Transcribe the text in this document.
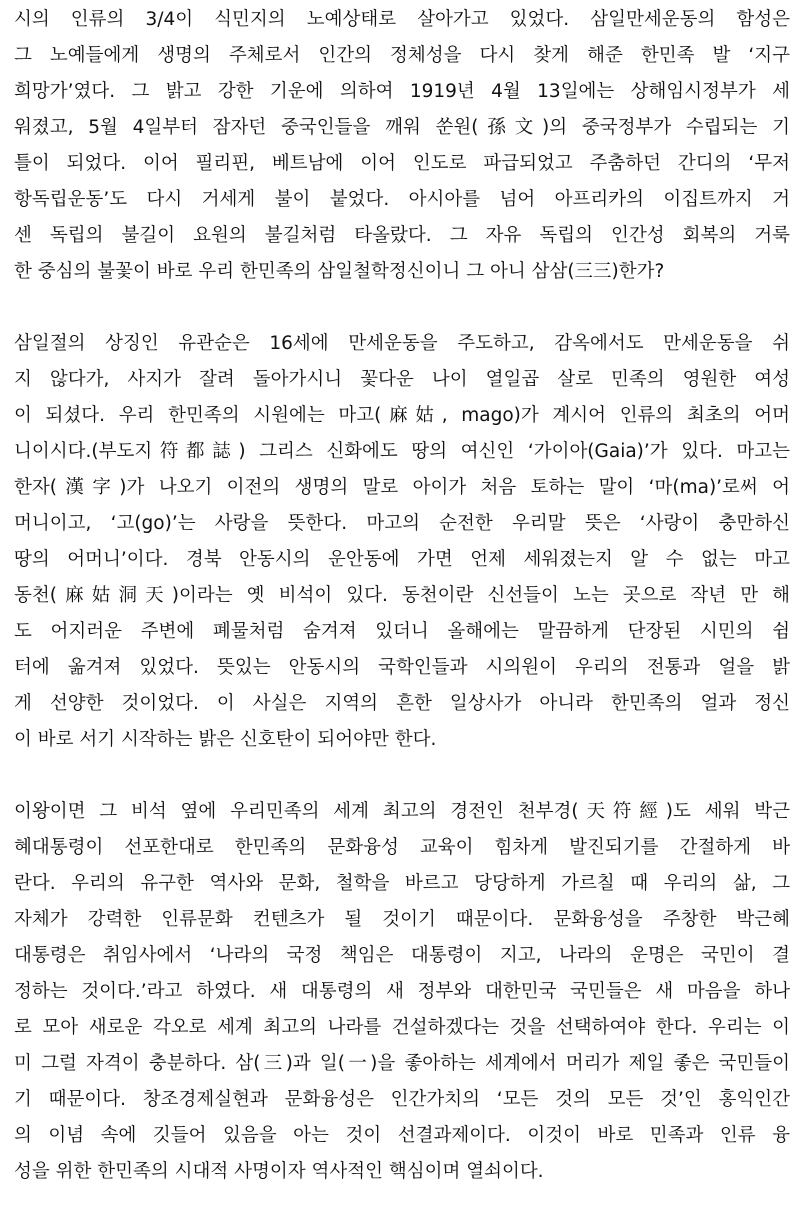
시의 인류의 3/4이 식민지의 노예상태로 살아가고 있었다. 삼일만세운동의 함성은
그 노예들에게 생명의 주체로서 인간의 정체성을 다시 찾게 해준 한민족 발 ‘지구
희망가’였다. 그 밝고 강한 기운에 의하여 1919년 4월 13일에는 상해임시정부가 세
워졌고, 5월 4일부터 잠자던 중국인들을 깨워 쑨원(孫文)의 중국정부가 수립되는 기
틀이 되었다. 이어 필리핀, 베트남에 이어 인도로 파급되었고 주춤하던 간디의 ‘무저
항독립운동’도 다시 거세게 불이 붙었다. 아시아를 넘어 아프리카의 이집트까지 거
센 독립의 불길이 요원의 불길처럼 타올랐다. 그 자유 독립의 인간성 회복의 거룩
한 중심의 불꽃이 바로 우리 한민족의 삼일철학정신이니 그 아니 삼삼(三三)한가?
삼일절의 상징인 유관순은 16세에 만세운동을 주도하고, 감옥에서도 만세운동을 쉬
지 않다가, 사지가 잘려 돌아가시니 꽃다운 나이 열일곱 살로 민족의 영원한 여성
이 되셨다. 우리 한민족의 시원에는 마고(麻姑, mago)가 계시어 인류의 최초의 어머
니이시다.(부도지符都誌) 그리스 신화에도 땅의 여신인 ‘가이아(Gaia)’가 있다. 마고는
한자(漢字)가 나오기 이전의 생명의 말로 아이가 처음 토하는 말이 ‘마(ma)’로써 어
머니이고, ‘고(go)’는 사랑을 뜻한다. 마고의 순전한 우리말 뜻은 ‘사랑이 충만하신
땅의 어머니’이다. 경북 안동시의 운안동에 가면 언제 세워졌는지 알 수 없는 마고
동천(麻姑洞天)이라는 옛 비석이 있다. 동천이란 신선들이 노는 곳으로 작년 만 해
도 어지러운 주변에 폐물처럼 숨겨져 있더니 올해에는 말끔하게 단장된 시민의 쉼
터에 옮겨져 있었다. 뜻있는 안동시의 국학인들과 시의원이 우리의 전통과 얼을 밝
게 선양한 것이었다. 이 사실은 지역의 흔한 일상사가 아니라 한민족의 얼과 정신
이 바로 서기 시작하는 밝은 신호탄이 되어야만 한다.
이왕이면 그 비석 옆에 우리민족의 세계 최고의 경전인 천부경(天符經)도 세워 박근
혜대통령이 선포한대로 한민족의 문화융성 교육이 힘차게 발진되기를 간절하게 바
란다. 우리의 유구한 역사와 문화, 철학을 바르고 당당하게 가르칠 때 우리의 삶, 그
자체가 강력한 인류문화 컨텐츠가 될 것이기 때문이다. 문화융성을 주창한 박근혜
대통령은 취임사에서 ‘나라의 국정 책임은 대통령이 지고, 나라의 운명은 국민이 결
정하는 것이다.’라고 하였다. 새 대통령의 새 정부와 대한민국 국민들은 새 마음을 하나
로 모아 새로운 각오로 세계 최고의 나라를 건설하겠다는 것을 선택하여야 한다. 우리는 이
미 그럴 자격이 충분하다. 삼(三)과 일(一)을 좋아하는 세계에서 머리가 제일 좋은 국민들이
기 때문이다. 창조경제실현과 문화융성은 인간가치의 ‘모든 것의 모든 것’인 홍익인간
의 이념 속에 깃들어 있음을 아는 것이 선결과제이다. 이것이 바로 민족과 인류 융
성을 위한 한민족의 시대적 사명이자 역사적인 핵심이며 열쇠이다.
